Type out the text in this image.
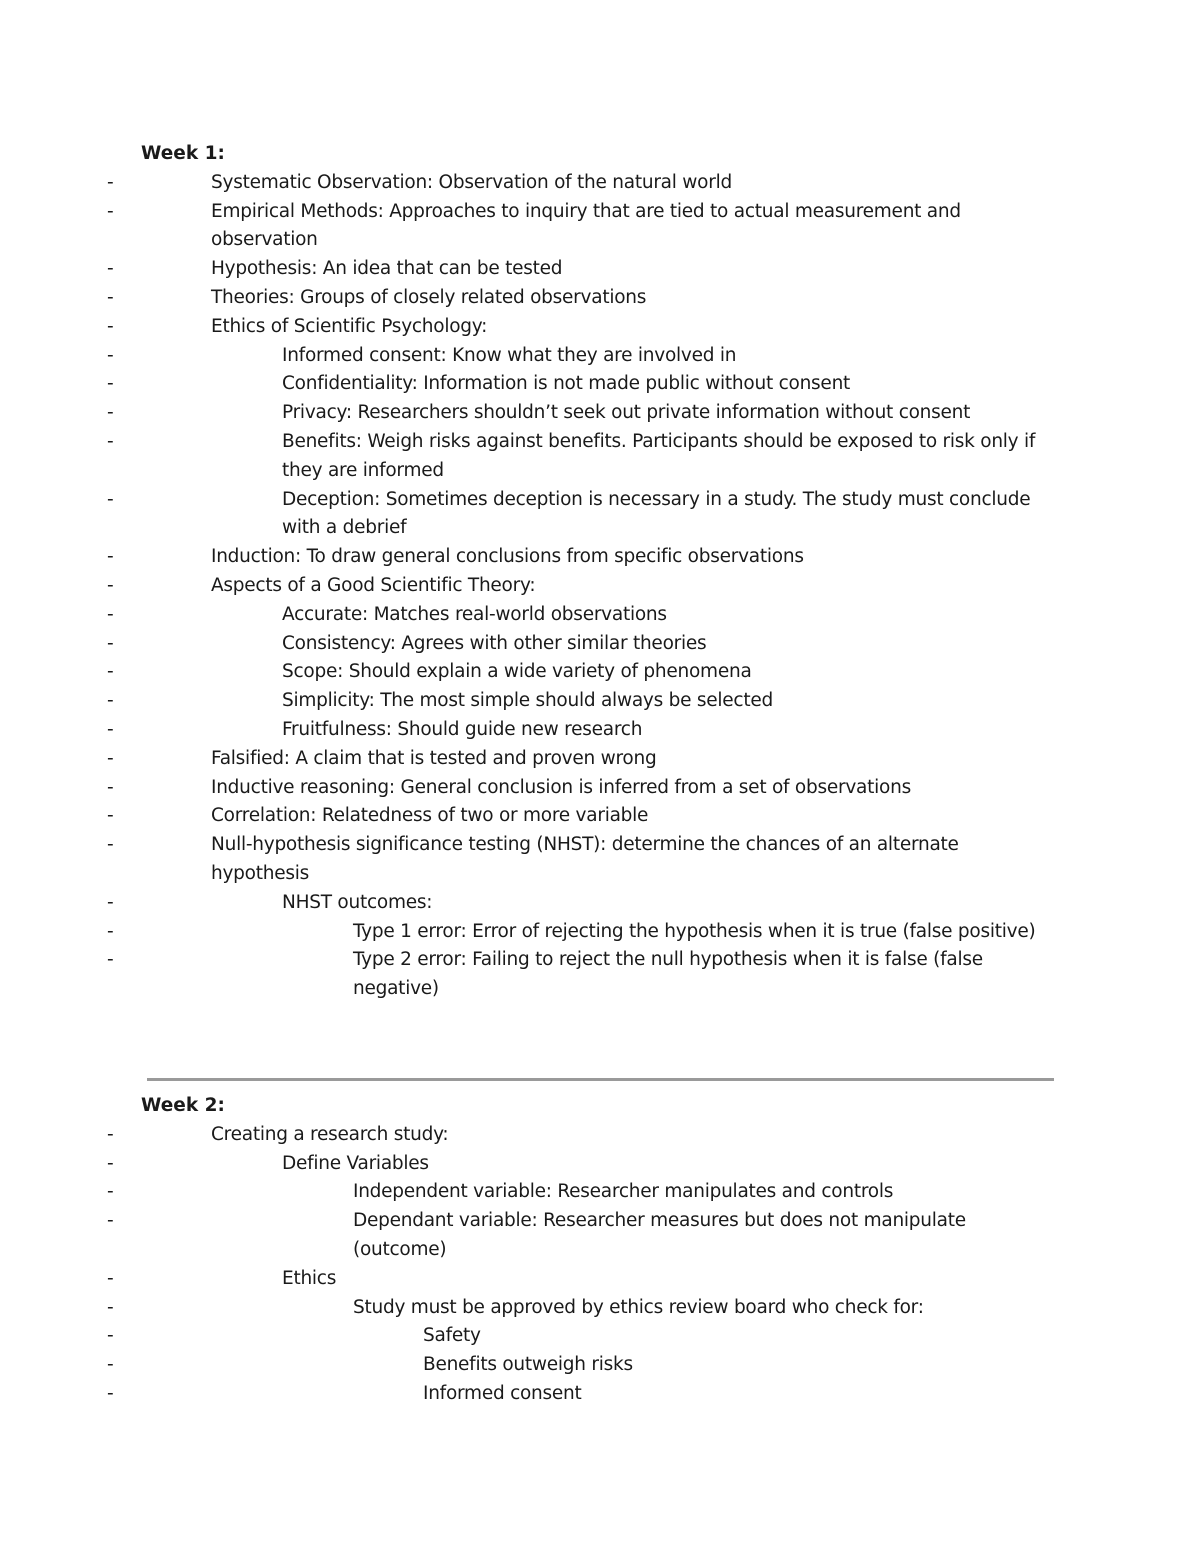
Week 1:
- Systematic Observation: Observation of the natural world
- Empirical Methods: Approaches to inquiry that are tied to actual measurement and observation
- Hypothesis: An idea that can be tested
- Theories: Groups of closely related observations
- Ethics of Scientific Psychology:
- Informed consent: Know what they are involved in
- Confidentiality: Information is not made public without consent
- Privacy: Researchers shouldn’t seek out private information without consent
- Benefits: Weigh risks against benefits. Participants should be exposed to risk only if they are informed
- Deception: Sometimes deception is necessary in a study. The study must conclude with a debrief
- Induction: To draw general conclusions from specific observations
- Aspects of a Good Scientific Theory:
- Accurate: Matches real-world observations
- Consistency: Agrees with other similar theories
- Scope: Should explain a wide variety of phenomena
- Simplicity: The most simple should always be selected
- Fruitfulness: Should guide new research
- Falsified: A claim that is tested and proven wrong
- Inductive reasoning: General conclusion is inferred from a set of observations
- Correlation: Relatedness of two or more variable
- Null-hypothesis significance testing (NHST): determine the chances of an alternate hypothesis
- NHST outcomes:
- Type 1 error: Error of rejecting the hypothesis when it is true (false positive)
- Type 2 error: Failing to reject the null hypothesis when it is false (false negative)
Week 2:
- Creating a research study:
- Define Variables
- Independent variable: Researcher manipulates and controls
- Dependant variable: Researcher measures but does not manipulate (outcome)
- Ethics
- Study must be approved by ethics review board who check for:
- Safety
- Benefits outweigh risks
- Informed consent
